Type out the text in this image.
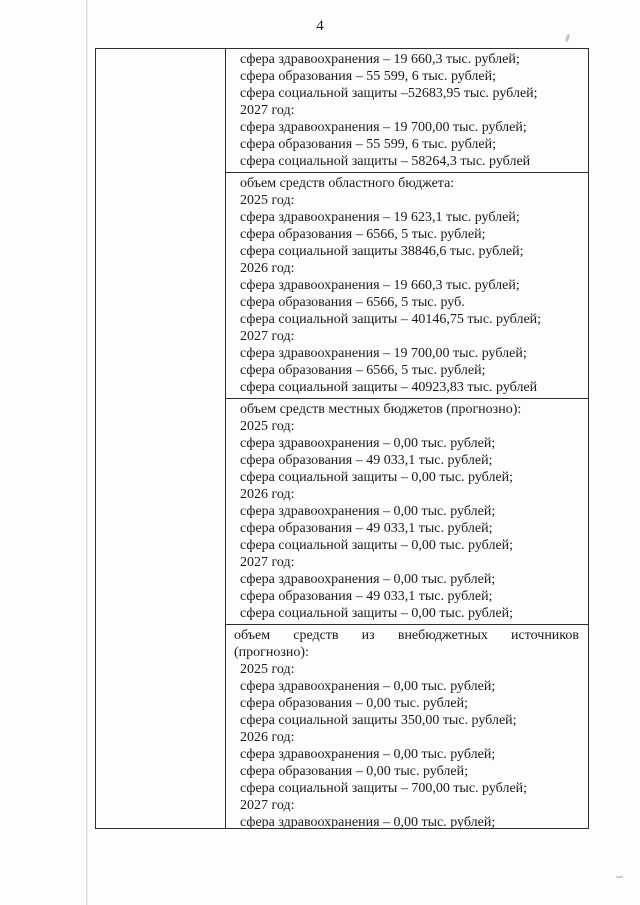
4
сфера здравоохранения – 19 660,3 тыс. рублей;
сфера образования – 55 599, 6 тыс. рублей;
сфера социальной защиты –52683,95 тыс. рублей;
2027 год:
сфера здравоохранения – 19 700,00 тыс. рублей;
сфера образования – 55 599, 6 тыс. рублей;
сфера социальной защиты – 58264,3 тыс. рублей
объем средств областного бюджета:
2025 год:
сфера здравоохранения – 19 623,1 тыс. рублей;
сфера образования – 6566, 5 тыс. рублей;
сфера социальной защиты 38846,6 тыс. рублей;
2026 год:
сфера здравоохранения – 19 660,3 тыс. рублей;
сфера образования – 6566, 5 тыс. руб.
сфера социальной защиты – 40146,75 тыс. рублей;
2027 год:
сфера здравоохранения – 19 700,00 тыс. рублей;
сфера образования – 6566, 5 тыс. рублей;
сфера социальной защиты – 40923,83 тыс. рублей
объем средств местных бюджетов (прогнозно):
2025 год:
сфера здравоохранения – 0,00 тыс. рублей;
сфера образования – 49 033,1 тыс. рублей;
сфера социальной защиты – 0,00 тыс. рублей;
2026 год:
сфера здравоохранения – 0,00 тыс. рублей;
сфера образования – 49 033,1 тыс. рублей;
сфера социальной защиты – 0,00 тыс. рублей;
2027 год:
сфера здравоохранения – 0,00 тыс. рублей;
сфера образования – 49 033,1 тыс. рублей;
сфера социальной защиты – 0,00 тыс. рублей;
объем средств из внебюджетных источников
(прогнозно):
2025 год:
сфера здравоохранения – 0,00 тыс. рублей;
сфера образования – 0,00 тыс. рублей;
сфера социальной защиты 350,00 тыс. рублей;
2026 год:
сфера здравоохранения – 0,00 тыс. рублей;
сфера образования – 0,00 тыс. рублей;
сфера социальной защиты – 700,00 тыс. рублей;
2027 год:
сфера здравоохранения – 0,00 тыс. рублей;
